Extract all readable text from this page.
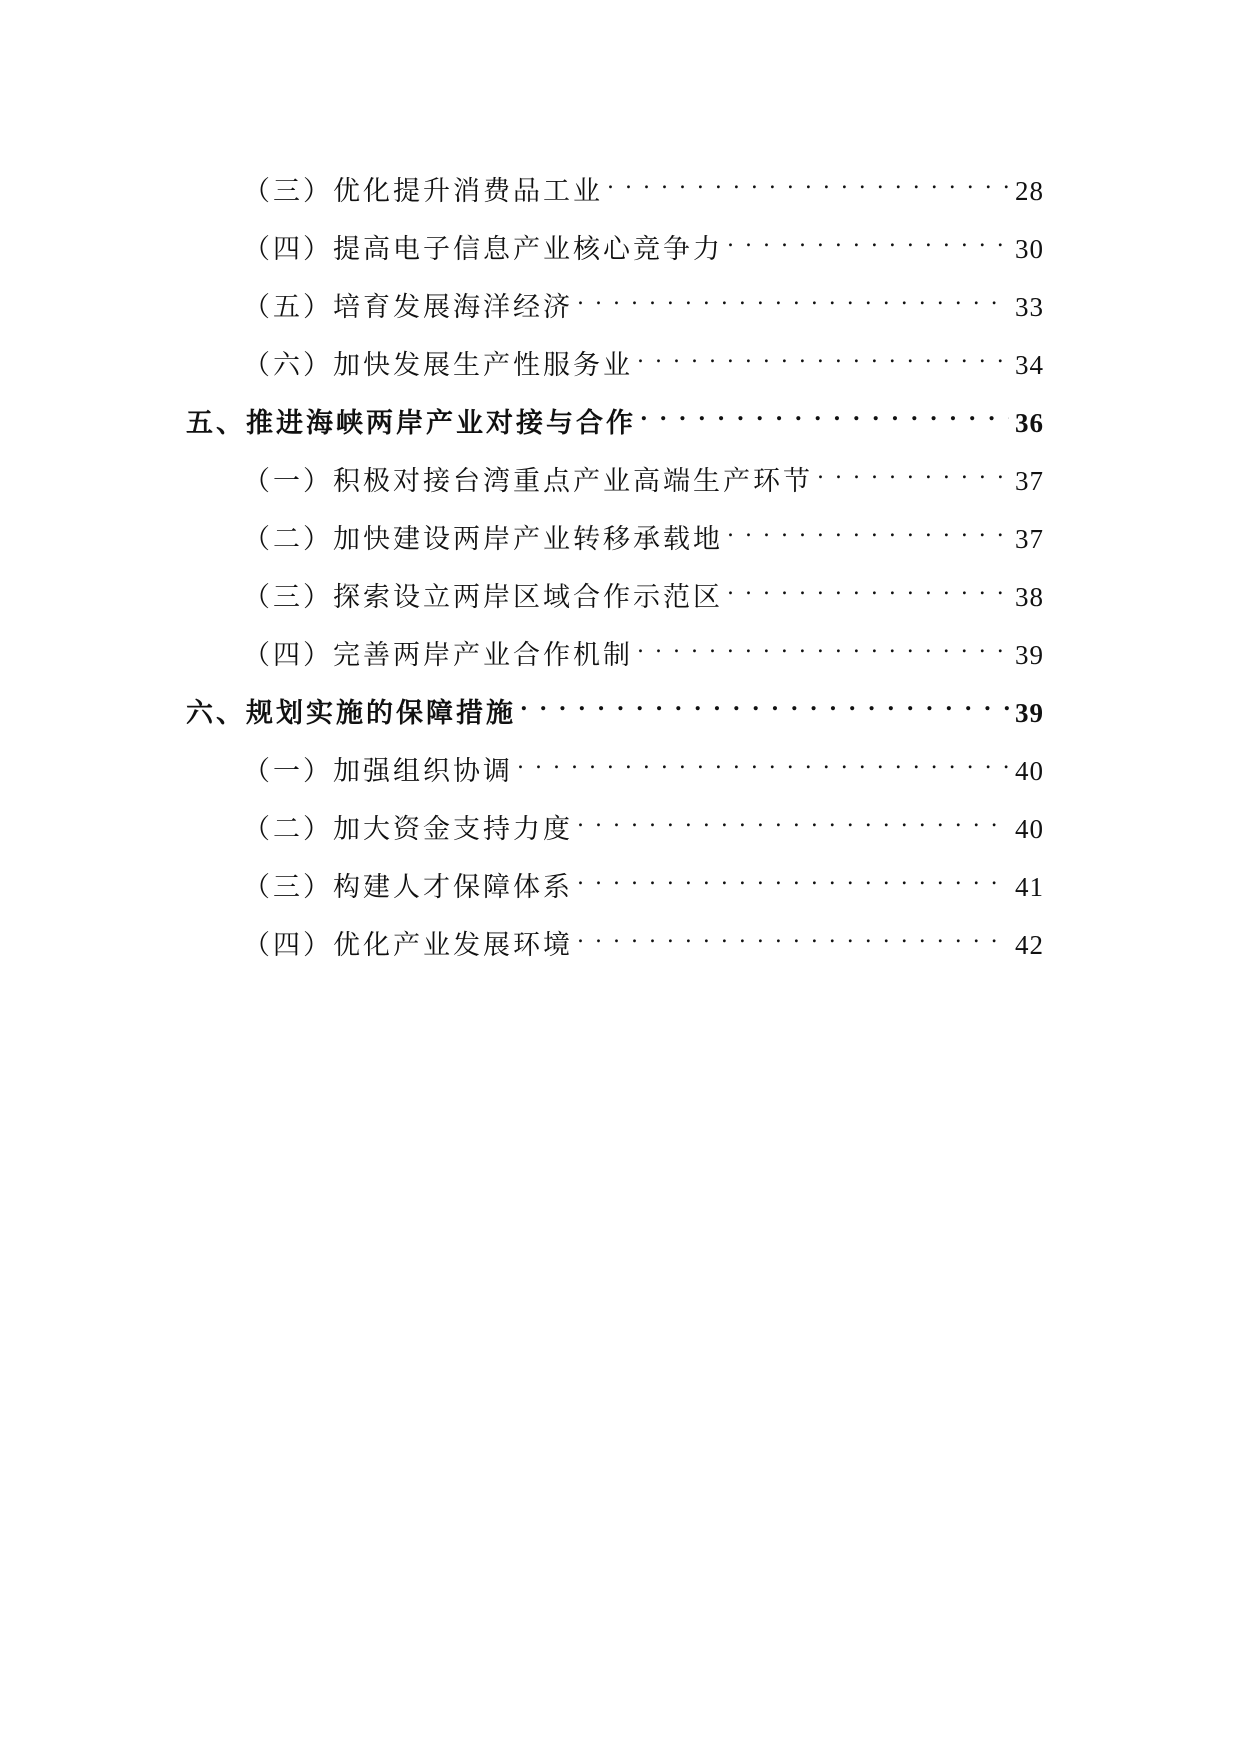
（三）优化提升消费品工业 . . .	28
（四）提高电子信息产业核心竞争力 . . .	30
（五）培育发展海洋经济 . . .	33
（六）加快发展生产性服务业 . . .	34
五、推进海峡两岸产业对接与合作 . . .	36
（一）积极对接台湾重点产业高端生产环节 . . .	37
（二）加快建设两岸产业转移承载地 . . .	37
（三）探索设立两岸区域合作示范区 . . .	38
（四）完善两岸产业合作机制 . . .	39
六、规划实施的保障措施 . . .	39
（一）加强组织协调 . . .	40
（二）加大资金支持力度 . . .	40
（三）构建人才保障体系 . . .	41
（四）优化产业发展环境 . . .	42
